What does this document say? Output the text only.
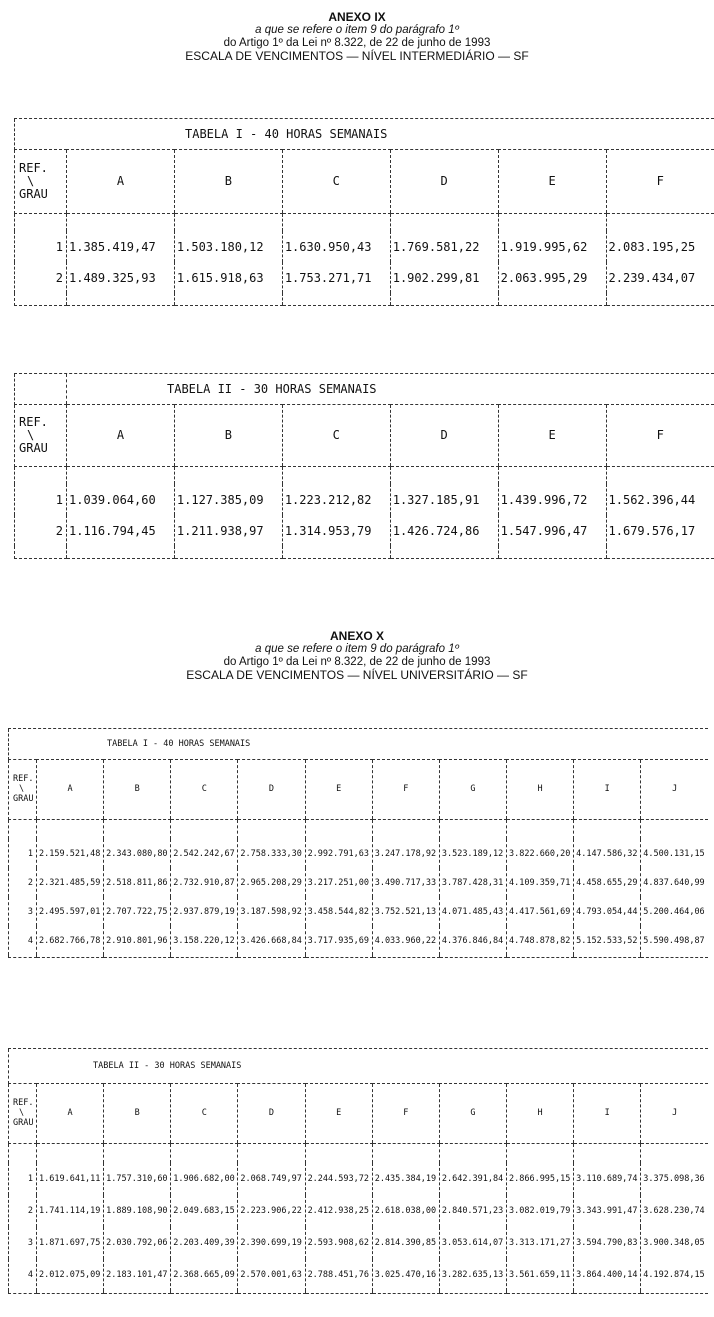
ANEXO IX
a que se refere o item 9 do parágrafo 1º
do Artigo 1º da Lei nº 8.322, de 22 de junho de 1993
ESCALA DE VENCIMENTOS — NÍVEL INTERMEDIÁRIO — SF
TABELA I - 40 HORAS SEMANAIS						

REF.
\
GRAU	A	B	C	D	E	F

1	1.385.419,47	1.503.180,12	1.630.950,43	1.769.581,22	1.919.995,62	2.083.195,25
2	1.489.325,93	1.615.918,63	1.753.271,71	1.902.299,81	2.063.995,29	2.239.434,07

	TABELA II - 30 HORAS SEMANAIS					

REF.
\
GRAU	A	B	C	D	E	F

1	1.039.064,60	1.127.385,09	1.223.212,82	1.327.185,91	1.439.996,72	1.562.396,44
2	1.116.794,45	1.211.938,97	1.314.953,79	1.426.724,86	1.547.996,47	1.679.576,17

ANEXO X
a que se refere o item 9 do parágrafo 1º
do Artigo 1º da Lei nº 8.322, de 22 de junho de 1993
ESCALA DE VENCIMENTOS — NÍVEL UNIVERSITÁRIO — SF
TABELA I - 40 HORAS SEMANAIS										

REF.
\
GRAU	A	B	C	D	E	F	G	H	I	J

1	2.159.521,48	2.343.080,80	2.542.242,67	2.758.333,30	2.992.791,63	3.247.178,92	3.523.189,12	3.822.660,20	4.147.586,32	4.500.131,15
2	2.321.485,59	2.518.811,86	2.732.910,87	2.965.208,29	3.217.251,00	3.490.717,33	3.787.428,31	4.109.359,71	4.458.655,29	4.837.640,99
3	2.495.597,01	2.707.722,75	2.937.879,19	3.187.598,92	3.458.544,82	3.752.521,13	4.071.485,43	4.417.561,69	4.793.054,44	5.200.464,06
4	2.682.766,78	2.910.801,96	3.158.220,12	3.426.668,84	3.717.935,69	4.033.960,22	4.376.846,84	4.748.878,82	5.152.533,52	5.590.498,87

TABELA II - 30 HORAS SEMANAIS										

REF.
\
GRAU	A	B	C	D	E	F	G	H	I	J

1	1.619.641,11	1.757.310,60	1.906.682,00	2.068.749,97	2.244.593,72	2.435.384,19	2.642.391,84	2.866.995,15	3.110.689,74	3.375.098,36
2	1.741.114,19	1.889.108,90	2.049.683,15	2.223.906,22	2.412.938,25	2.618.038,00	2.840.571,23	3.082.019,79	3.343.991,47	3.628.230,74
3	1.871.697,75	2.030.792,06	2.203.409,39	2.390.699,19	2.593.908,62	2.814.390,85	3.053.614,07	3.313.171,27	3.594.790,83	3.900.348,05
4	2.012.075,09	2.183.101,47	2.368.665,09	2.570.001,63	2.788.451,76	3.025.470,16	3.282.635,13	3.561.659,11	3.864.400,14	4.192.874,15
